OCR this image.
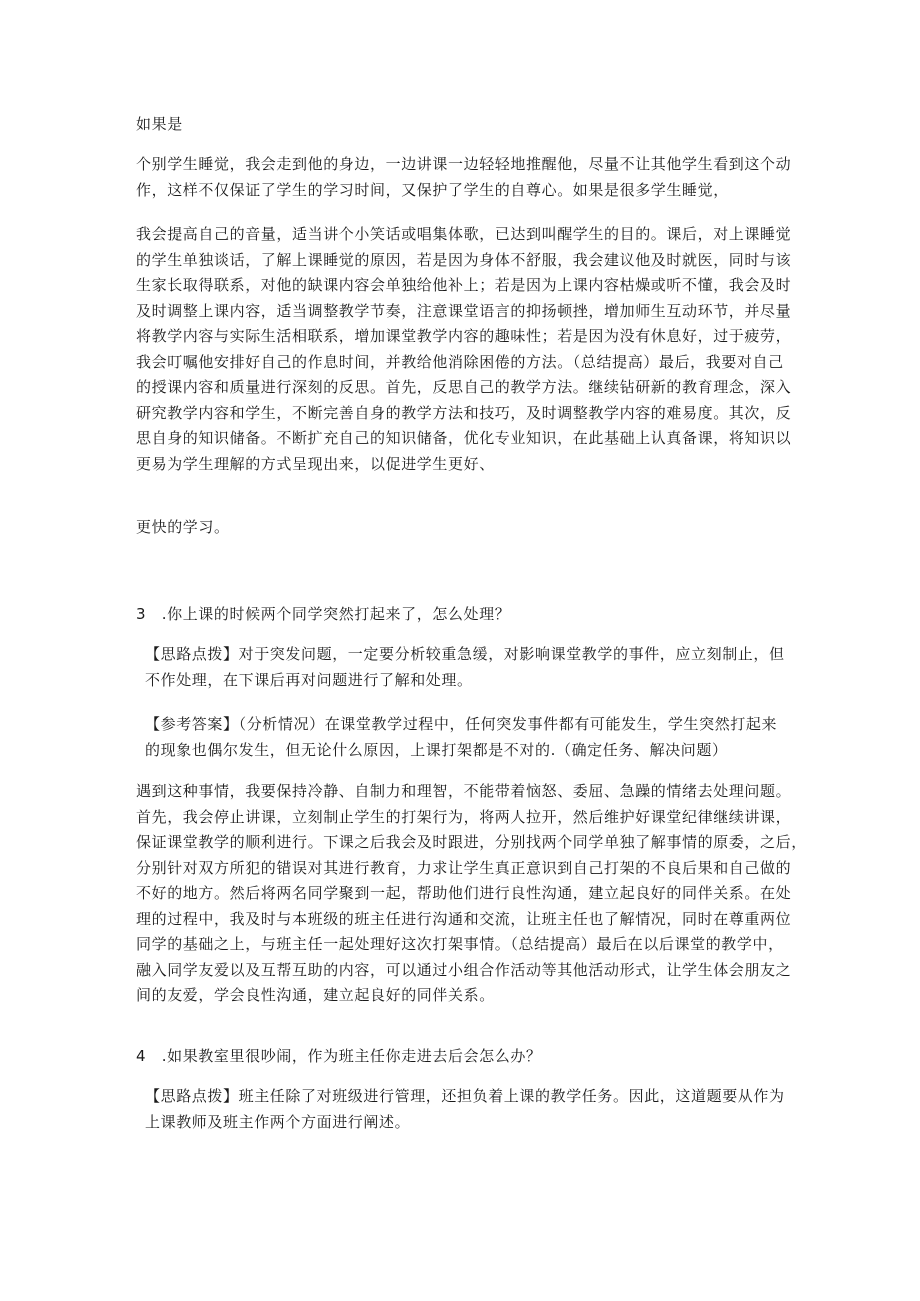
如果是

个别学生睡觉，我会走到他的身边，一边讲课一边轻轻地推醒他，尽量不让其他学生看到这个动
作，这样不仅保证了学生的学习时间，又保护了学生的自尊心。如果是很多学生睡觉，

我会提高自己的音量，适当讲个小笑话或唱集体歌，已达到叫醒学生的目的。课后，对上课睡觉
的学生单独谈话，了解上课睡觉的原因，若是因为身体不舒服，我会建议他及时就医，同时与该
生家长取得联系，对他的缺课内容会单独给他补上；若是因为上课内容枯燥或听不懂，我会及时
及时调整上课内容，适当调整教学节奏，注意课堂语言的抑扬顿挫，增加师生互动环节，并尽量
将教学内容与实际生活相联系，增加课堂教学内容的趣味性；若是因为没有休息好，过于疲劳，
我会叮嘱他安排好自己的作息时间，并教给他消除困倦的方法。（总结提高）最后，我要对自己
的授课内容和质量进行深刻的反思。首先，反思自己的教学方法。继续钻研新的教育理念，深入
研究教学内容和学生，不断完善自身的教学方法和技巧，及时调整教学内容的难易度。其次，反
思自身的知识储备。不断扩充自己的知识储备，优化专业知识，在此基础上认真备课，将知识以
更易为学生理解的方式呈现出来，以促进学生更好、

更快的学习。

3　.你上课的时候两个同学突然打起来了，怎么处理？

【思路点拨】对于突发问题，一定要分析较重急缓，对影响课堂教学的事件，应立刻制止，但
不作处理，在下课后再对问题进行了解和处理。

【参考答案】（分析情况）在课堂教学过程中，任何突发事件都有可能发生，学生突然打起来
的现象也偶尔发生，但无论什么原因，上课打架都是不对的.（确定任务、解决问题）

遇到这种事情，我要保持冷静、自制力和理智，不能带着恼怒、委屈、急躁的情绪去处理问题。
首先，我会停止讲课，立刻制止学生的打架行为，将两人拉开，然后维护好课堂纪律继续讲课，
保证课堂教学的顺利进行。下课之后我会及时跟进，分别找两个同学单独了解事情的原委，之后，
分别针对双方所犯的错误对其进行教育，力求让学生真正意识到自己打架的不良后果和自己做的
不好的地方。然后将两名同学聚到一起，帮助他们进行良性沟通，建立起良好的同伴关系。在处
理的过程中，我及时与本班级的班主任进行沟通和交流，让班主任也了解情况，同时在尊重两位
同学的基础之上，与班主任一起处理好这次打架事情。（总结提高）最后在以后课堂的教学中，
融入同学友爱以及互帮互助的内容，可以通过小组合作活动等其他活动形式，让学生体会朋友之
间的友爱，学会良性沟通，建立起良好的同伴关系。

4　.如果教室里很吵闹，作为班主任你走进去后会怎么办？

【思路点拨】班主任除了对班级进行管理，还担负着上课的教学任务。因此，这道题要从作为
上课教师及班主作两个方面进行阐述。
